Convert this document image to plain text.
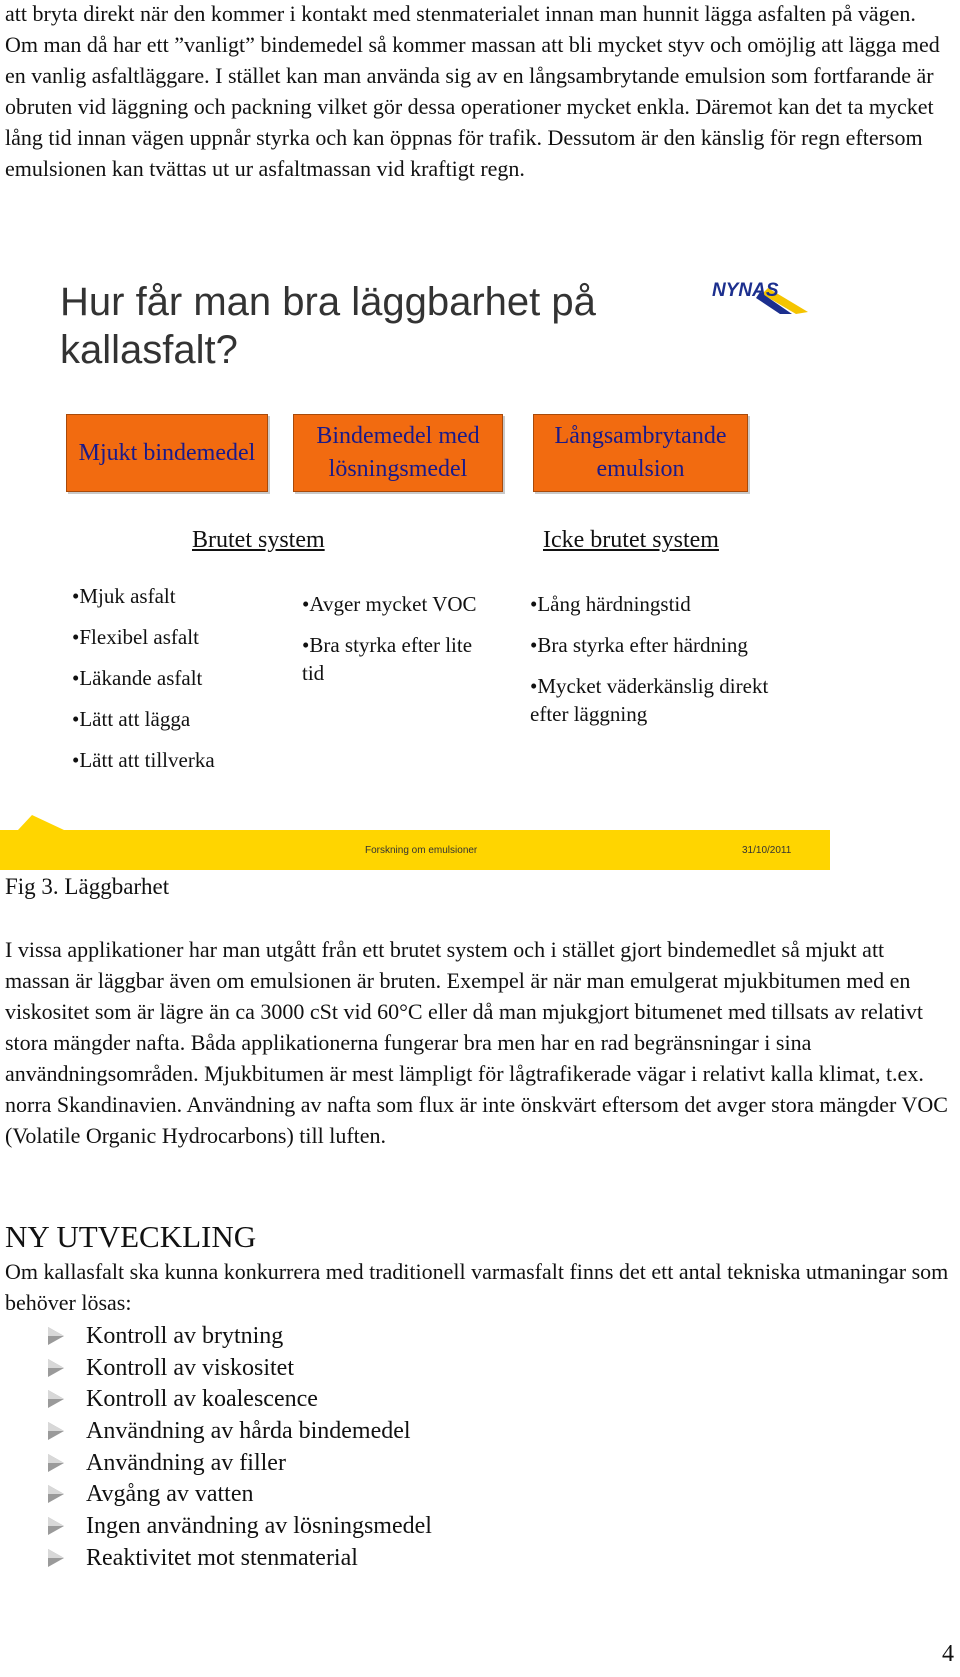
att bryta direkt när den kommer i kontakt med stenmaterialet innan man hunnit lägga asfalten på vägen. Om man då har ett ”vanligt” bindemedel så kommer massan att bli mycket styv och omöjlig att lägga med en vanlig asfaltläggare. I stället kan man använda sig av en långsambrytande emulsion som fortfarande är obruten vid läggning och packning vilket gör dessa operationer mycket enkla. Däremot kan det ta mycket lång tid innan vägen uppnår styrka och kan öppnas för trafik. Dessutom är den känslig för regn eftersom emulsionen kan tvättas ut ur asfaltmassan vid kraftigt regn.

Hur får man bra läggbarhet på kallasfalt?
NYNAS
Mjukt bindemedel
Bindemedel med lösningsmedel
Långsambrytande emulsion
Brutet system	Icke brutet system
• Mjuk asfalt
• Flexibel asfalt
• Läkande asfalt
• Lätt att lägga
• Lätt att tillverka
• Avger mycket VOC
• Bra styrka efter lite tid
• Lång härdningstid
• Bra styrka efter härdning
• Mycket väderkänslig direkt efter läggning
Forskning om emulsioner	31/10/2011
Fig 3. Läggbarhet

I vissa applikationer har man utgått från ett brutet system och i stället gjort bindemedlet så mjukt att massan är läggbar även om emulsionen är bruten. Exempel är när man emulgerat mjukbitumen med en viskositet som är lägre än ca 3000 cSt vid 60°C eller då man mjukgjort bitumenet med tillsats av relativt stora mängder nafta. Båda applikationerna fungerar bra men har en rad begränsningar i sina användningsområden. Mjukbitumen är mest lämpligt för lågtrafikerade vägar i relativt kalla klimat, t.ex. norra Skandinavien. Användning av nafta som flux är inte önskvärt eftersom det avger stora mängder VOC (Volatile Organic Hydrocarbons) till luften.

NY UTVECKLING

Om kallasfalt ska kunna konkurrera med traditionell varmasfalt finns det ett antal tekniska utmaningar som behöver lösas:

Kontroll av brytning
Kontroll av viskositet
Kontroll av koalescence
Användning av hårda bindemedel
Användning av filler
Avgång av vatten
Ingen användning av lösningsmedel
Reaktivitet mot stenmaterial
4
